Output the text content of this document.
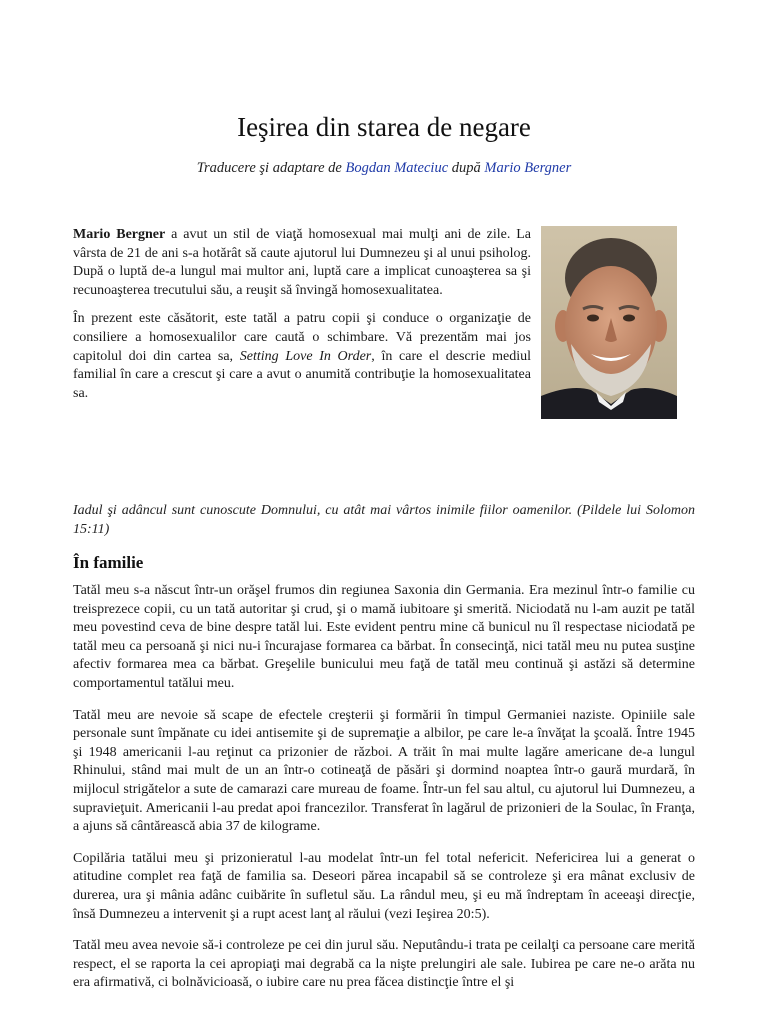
Ieşirea din starea de negare
Traducere şi adaptare de Bogdan Mateciuc după Mario Bergner

Mario Bergner a avut un stil de viaţă homosexual mai mulţi ani de zile. La vârsta de 21 de ani s-a hotărât să caute ajutorul lui Dumnezeu şi al unui psiholog. După o luptă de-a lungul mai multor ani, luptă care a implicat cunoaşterea sa şi recunoaşterea trecutului său, a reuşit să învingă homosexualitatea.

În prezent este căsătorit, este tatăl a patru copii şi conduce o organizaţie de consiliere a homosexualilor care caută o schimbare. Vă prezentăm mai jos capitolul doi din cartea sa, Setting Love In Order, în care el descrie mediul familial în care a crescut şi care a avut o anumită contribuţie la homosexualitatea sa.

Iadul şi adâncul sunt cunoscute Domnului, cu atât mai vârtos inimile fiilor oamenilor. (Pildele lui Solomon 15:11)
În familie

Tatăl meu s-a născut într-un orăşel frumos din regiunea Saxonia din Germania. Era mezinul într-o familie cu treisprezece copii, cu un tată autoritar şi crud, şi o mamă iubitoare şi smerită. Niciodată nu l-am auzit pe tatăl meu povestind ceva de bine despre tatăl lui. Este evident pentru mine că bunicul nu îl respectase niciodată pe tatăl meu ca persoană şi nici nu-i încurajase formarea ca bărbat. În consecinţă, nici tatăl meu nu putea susţine afectiv formarea mea ca bărbat. Greşelile bunicului meu faţă de tatăl meu continuă şi astăzi să determine comportamentul tatălui meu.

Tatăl meu are nevoie să scape de efectele creşterii şi formării în timpul Germaniei naziste. Opiniile sale personale sunt împănate cu idei antisemite şi de supremaţie a albilor, pe care le-a învăţat la şcoală. Între 1945 şi 1948 americanii l-au reţinut ca prizonier de război. A trăit în mai multe lagăre americane de-a lungul Rhinului, stând mai mult de un an într-o cotineaţă de păsări şi dormind noaptea într-o gaură murdară, în mijlocul strigătelor a sute de camarazi care mureau de foame. Într-un fel sau altul, cu ajutorul lui Dumnezeu, a supravieţuit. Americanii l-au predat apoi francezilor. Transferat în lagărul de prizonieri de la Soulac, în Franţa, a ajuns să cântărească abia 37 de kilograme.

Copilăria tatălui meu şi prizonieratul l-au modelat într-un fel total nefericit. Nefericirea lui a generat o atitudine complet rea faţă de familia sa. Deseori părea incapabil să se controleze şi era mânat exclusiv de durerea, ura şi mânia adânc cuibărite în sufletul său. La rândul meu, şi eu mă îndreptam în aceeaşi direcţie, însă Dumnezeu a intervenit şi a rupt acest lanţ al răului (vezi Ieşirea 20:5).

Tatăl meu avea nevoie să-i controleze pe cei din jurul său. Neputându-i trata pe ceilalţi ca persoane care merită respect, el se raporta la cei apropiaţi mai degrabă ca la nişte prelungiri ale sale. Iubirea pe care ne-o arăta nu era afirmativă, ci bolnăvicioasă, o iubire care nu prea făcea distincţie între el şi
